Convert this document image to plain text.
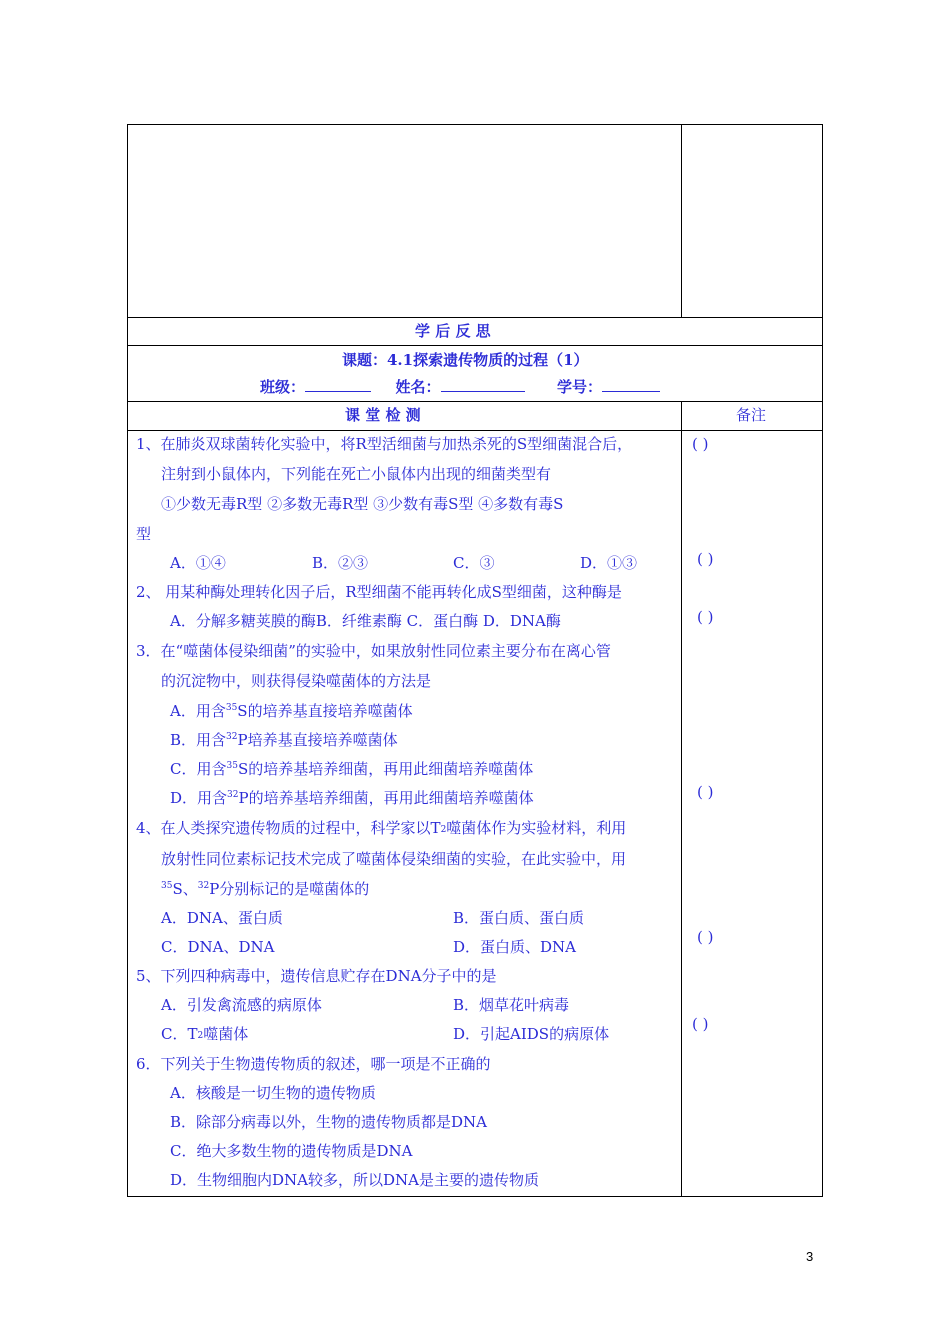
学 后 反 思
课题：4.1探索遗传物质的过程（1）
班级：	姓名：	学号：
课 堂 检 测	备注
1、在肺炎双球菌转化实验中，将R型活细菌与加热杀死的S型细菌混合后，
注射到小鼠体内，下列能在死亡小鼠体内出现的细菌类型有
①少数无毒R型 ②多数无毒R型 ③少数有毒S型 ④多数有毒S
型
A．①④	B．②③	C．③	D．①③
2、 用某种酶处理转化因子后，R型细菌不能再转化成S型细菌，这种酶是
A．分解多糖荚膜的酶B．纤维素酶 C．蛋白酶 D．DNA酶
3．在“噬菌体侵染细菌”的实验中，如果放射性同位素主要分布在离心管
的沉淀物中，则获得侵染噬菌体的方法是
A．用含$^{35}$S的培养基直接培养噬菌体
B．用含$^{32}$P培养基直接培养噬菌体
C．用含$^{35}$S的培养基培养细菌，再用此细菌培养噬菌体
D．用含$^{32}$P的培养基培养细菌，再用此细菌培养噬菌体
4、在人类探究遗传物质的过程中，科学家以T2噬菌体作为实验材料，利用
放射性同位素标记技术完成了噬菌体侵染细菌的实验，在此实验中，用
$^{35}$S、$^{32}$P分别标记的是噬菌体的
A．DNA、蛋白质	B．蛋白质、蛋白质
C．DNA、DNA	D．蛋白质、DNA
5、下列四种病毒中，遗传信息贮存在DNA分子中的是
A．引发禽流感的病原体	B．烟草花叶病毒
C．T2噬菌体	D．引起AIDS的病原体
6．下列关于生物遗传物质的叙述，哪一项是不正确的
A．核酸是一切生物的遗传物质
B．除部分病毒以外，生物的遗传物质都是DNA
C．绝大多数生物的遗传物质是DNA
D．生物细胞内DNA较多，所以DNA是主要的遗传物质
( )
( )
( )
( )
( )
( )
3
